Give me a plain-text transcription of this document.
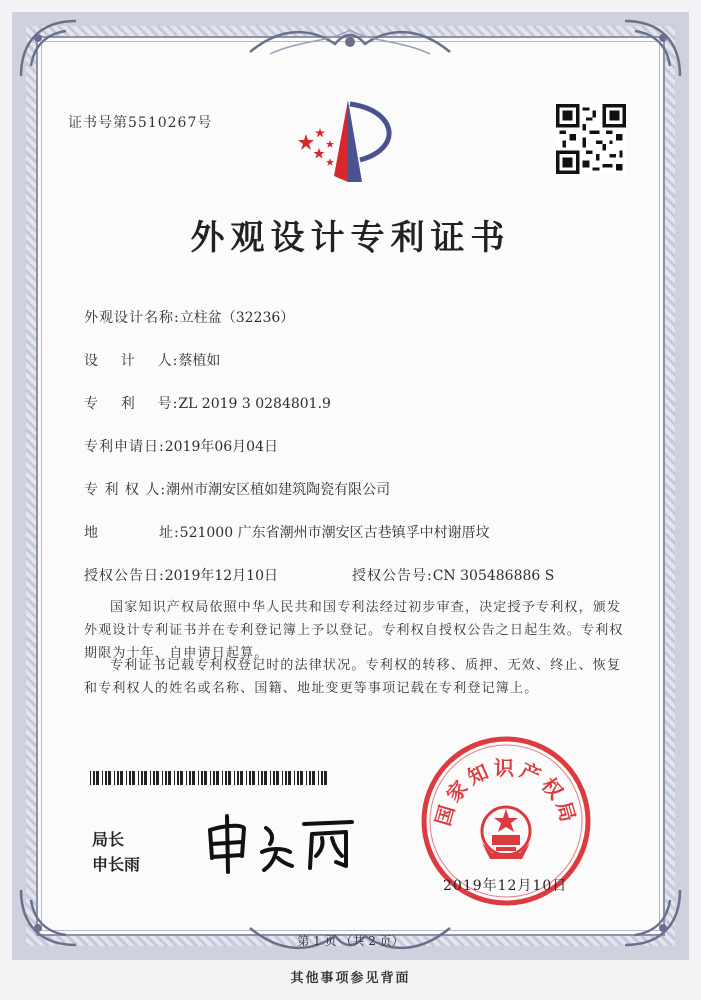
证书号第5510267号
外观设计专利证书
外观设计名称:立柱盆（32236）
设    计    人:蔡植如
专    利    号:ZL 2019 3 0284801.9
专利申请日:2019年06月04日
专 利 权 人:潮州市潮安区植如建筑陶瓷有限公司
地           址:521000 广东省潮州市潮安区古巷镇孚中村谢厝坟
授权公告日:2019年12月10日	授权公告号:CN 305486886 S
国家知识产权局依照中华人民共和国专利法经过初步审查，决定授予专利权，颁发外观设计专利证书并在专利登记簿上予以登记。专利权自授权公告之日起生效。专利权期限为十年，自申请日起算。
专利证书记载专利权登记时的法律状况。专利权的转移、质押、无效、终止、恢复和专利权人的姓名或名称、国籍、地址变更等事项记载在专利登记簿上。
局长
申长雨
国家知识产权局
2019年12月10日
第 1 页 （共 2 页）
其他事项参见背面
